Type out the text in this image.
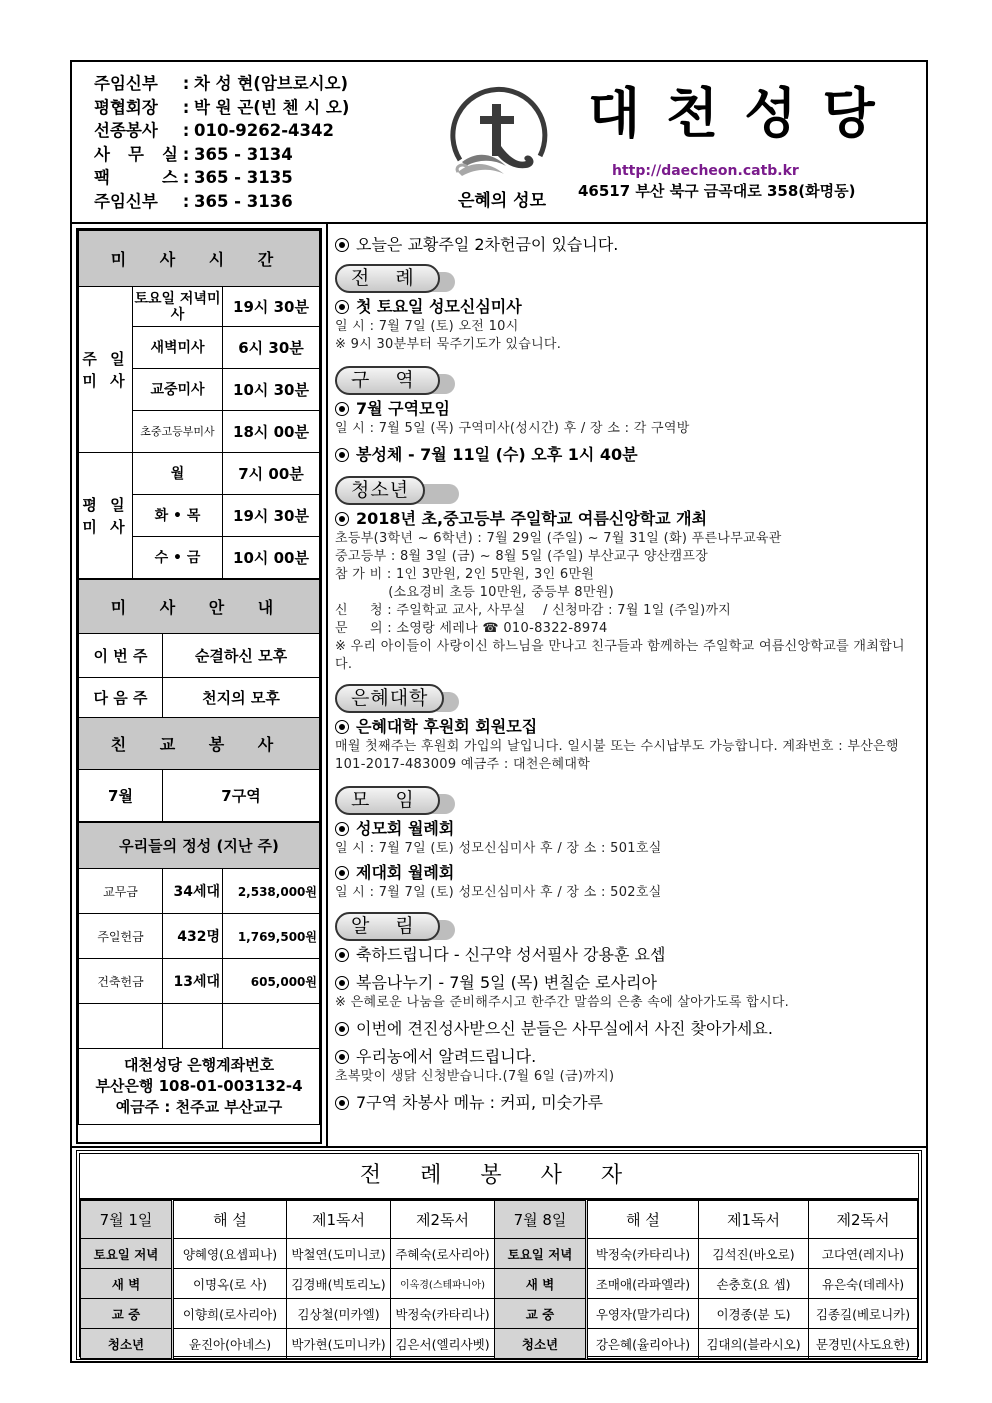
주임신부	: 차 성 현(암브로시오)
평협회장	: 박 원 곤(빈 첸 시 오)
선종봉사	: 010-9262-4342
사 무 실 : 365 - 3134
팩 스 : 365 - 3135
주임신부	: 365 - 3136	은혜의 성모
대천성당
http://daecheon.catb.kr
46517 부산 북구 금곡대로 358(화명동)
미 사 시 간		
주 일 미 사	토요일 저녁미사	19시 30분
	새벽미사	6시 30분
	교중미사	10시 30분
	초중고등부미사	18시 00분
평 일 미 사	월	7시 00분
	화 • 목	19시 30분
	수 • 금	10시 00분
미 사 안 내	
이 번 주	순결하신 모후
다 음 주	천지의 모후
친 교 봉 사	
7월	7구역
우리들의 정성 (지난 주)		
교무금	34세대	2,538,000원
주일헌금	432명	1,769,500원
건축헌금	13세대	605,000원

대천성당 은행계좌번호
부산은행 108-01-003132-4
예금주 : 천주교 부산교구		
오늘은 교황주일 2차헌금이 있습니다.
전 례
첫 토요일 성모신심미사
일 시 : 7월 7일 (토) 오전 10시
※ 9시 30분부터 묵주기도가 있습니다.
구 역
7월 구역모임
일 시 : 7월 5일 (목) 구역미사(성시간) 후 / 장 소 : 각 구역방
봉성체 - 7월 11일 (수) 오후 1시 40분
청소년
2018년 초,중고등부 주일학교 여름신앙학교 개최
초등부(3학년 ~ 6학년) : 7월 29일 (주일) ~ 7월 31일 (화) 푸른나무교육관
중고등부 : 8월 3일 (금) ~ 8월 5일 (주일) 부산교구 양산캠프장
참 가 비 : 1인 3만원, 2인 5만원, 3인 6만원
(소요경비 초등 10만원, 중등부 8만원)
신     청 : 주일학교 교사, 사무실    / 신청마감 : 7월 1일 (주일)까지
문     의 : 소영랑 세레나 ☎ 010-8322-8974
※ 우리 아이들이 사랑이신 하느님을 만나고 친구들과 함께하는 주일학교 여름신앙학교를 개최합니다.
은혜대학
은혜대학 후원회 회원모집
매월 첫째주는 후원회 가입의 날입니다. 일시불 또는 수시납부도 가능합니다. 계좌번호 : 부산은행 101-2017-483009 예금주 : 대천은혜대학
모 임
성모회 월례회
일 시 : 7월 7일 (토) 성모신심미사 후 / 장 소 : 501호실
제대회 월례회
일 시 : 7월 7일 (토) 성모신심미사 후 / 장 소 : 502호실
알 림
축하드립니다 - 신구약 성서필사 강용훈 요셉
복음나누기 - 7월 5일 (목) 변칠순 로사리아
※ 은혜로운 나눔을 준비해주시고 한주간 말씀의 은총 속에 살아가도록 합시다.
이번에 견진성사받으신 분들은 사무실에서 사진 찾아가세요.
우리농에서 알려드립니다.
초복맞이 생닭 신청받습니다.(7월 6일 (금)까지)
7구역 차봉사 메뉴 : 커피, 미숫가루
전 례 봉 사 자
7월 1일	해 설	제1독서	제2독서	7월 8일	해 설	제1독서	제2독서
토요일 저녁	양혜영(요셉피나)	박철연(도미니코)	주혜숙(로사리아)	토요일 저녁	박정숙(카타리나)	김석진(바오로)	고다연(레지나)
새 벽	이명옥(로 사)	김경배(빅토리노)	이옥경(스테파니아)	새 벽	조매애(라파엘라)	손충호(요 셉)	유은숙(데레사)
교 중	이향희(로사리아)	김상철(미카엘)	박정숙(카타리나)	교 중	우영자(말가리다)	이경종(분 도)	김종길(베로니카)
청소년	윤진아(아네스)	박가현(도미니카)	김은서(엘리사벳)	청소년	강은혜(율리아나)	김대의(블라시오)	문경민(사도요한)
